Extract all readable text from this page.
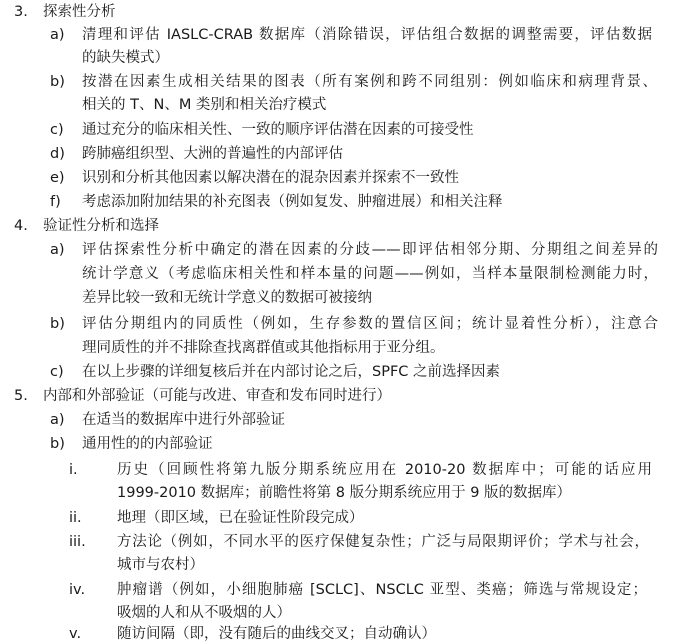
3. 探索性分析
a) 清理和评估 IASLC-CRAB 数据库（消除错误，评估组合数据的调整需要，评估数据
的缺失模式）
b) 按潜在因素生成相关结果的图表（所有案例和跨不同组别：例如临床和病理背景、
相关的 T、N、M 类别和相关治疗模式
c) 通过充分的临床相关性、一致的顺序评估潜在因素的可接受性
d) 跨肺癌组织型、大洲的普遍性的内部评估
e) 识别和分析其他因素以解决潜在的混杂因素并探索不一致性
f) 考虑添加附加结果的补充图表（例如复发、肿瘤进展）和相关注释
4. 验证性分析和选择
a) 评估探索性分析中确定的潜在因素的分歧——即评估相邻分期、分期组之间差异的
统计学意义（考虑临床相关性和样本量的问题——例如，当样本量限制检测能力时，
差异比较一致和无统计学意义的数据可被接纳
b) 评估分期组内的同质性（例如，生存参数的置信区间；统计显着性分析），注意合
理同质性的并不排除查找离群值或其他指标用于亚分组。
c) 在以上步骤的详细复核后并在内部讨论之后，SPFC 之前选择因素
5. 内部和外部验证（可能与改进、审查和发布同时进行）
a) 在适当的数据库中进行外部验证
b) 通用性的的内部验证
i.	历史（回顾性将第九版分期系统应用在 2010-20 数据库中；可能的话应用
1999-2010 数据库；前瞻性将第 8 版分期系统应用于 9 版的数据库）
ii. 地理（即区域，已在验证性阶段完成）
iii. 方法论（例如，不同水平的医疗保健复杂性；广泛与局限期评价；学术与社会，
城市与农村）
iv. 肿瘤谱（例如，小细胞肺癌 [SCLC]、NSCLC 亚型、类癌；筛选与常规设定；
吸烟的人和从不吸烟的人）
v. 随访间隔（即，没有随后的曲线交叉；自动确认）
